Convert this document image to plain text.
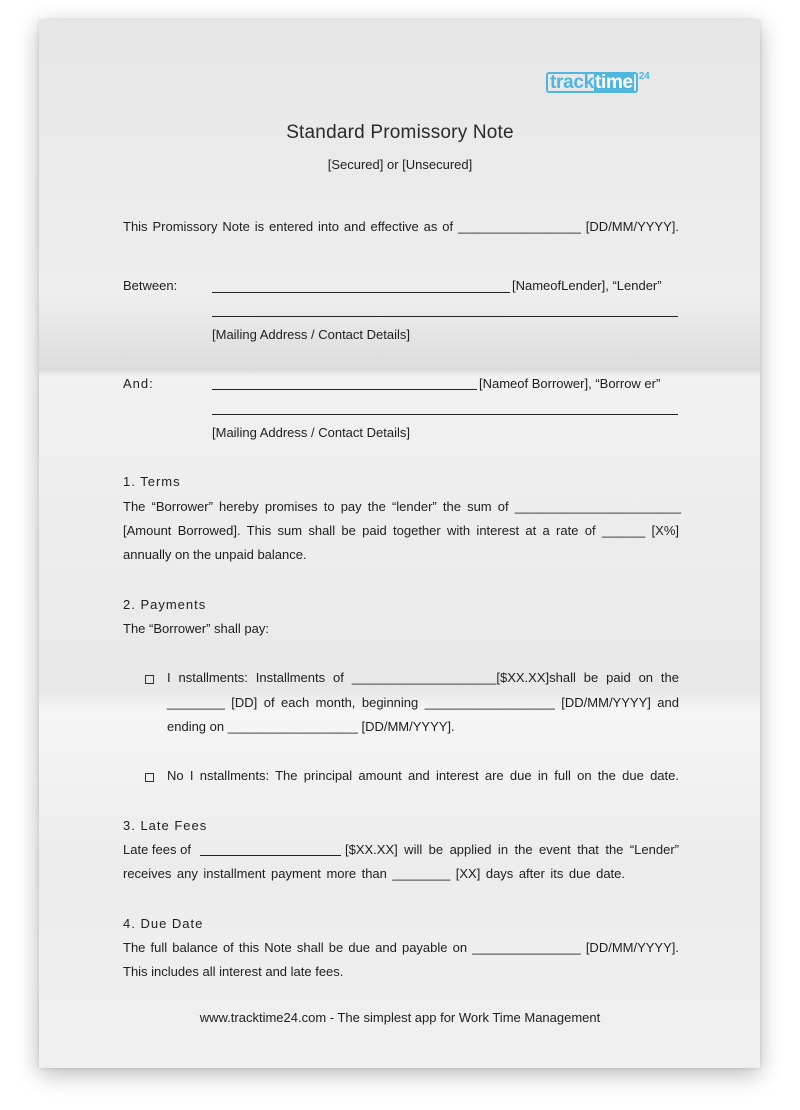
tracktime $^{24}$
Standard Promissory Note
[Secured] or [Unsecured]
This Promissory Note is entered into and effective as of _________________ [DD/MM/YYYY].
Between:	[NameofLender], “Lender”
[Mailing Address / Contact Details]
And:	[Nameof Borrower], “Borrow er”
[Mailing Address / Contact Details]
1. Terms
The “Borrower” hereby promises to pay the “lender” the sum of _______________________
[Amount Borrowed]. This sum shall be paid together with interest at a rate of ______ [X%]
annually on the unpaid balance.
2. Payments
The “Borrower” shall pay:
I nstallments: Installments of ____________________[$XX.XX]shall be paid on the
________ [DD] of each month, beginning __________________ [DD/MM/YYYY] and
ending on __________________ [DD/MM/YYYY].
No I nstallments: The principal amount and interest are due in full on the due date.
3. Late Fees
Late fees of	[$XX.XX] will be applied in the event that the “Lender”
receives any installment payment more than ________ [XX] days after its due date.
4. Due Date
The full balance of this Note shall be due and payable on _______________ [DD/MM/YYYY].
This includes all interest and late fees.
www.tracktime24.com - The simplest app for Work Time Management
